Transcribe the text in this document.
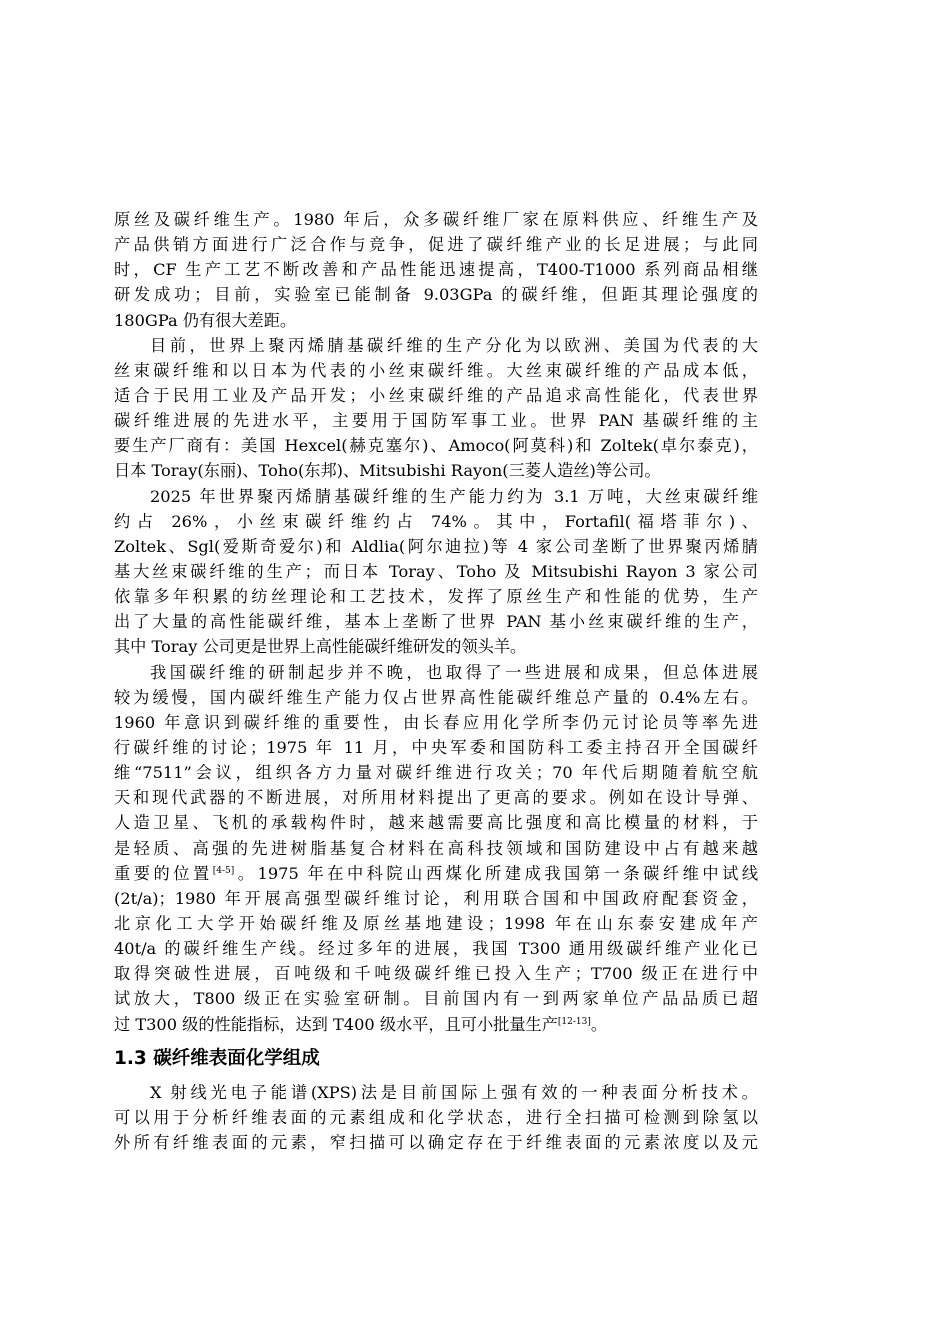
原丝及碳纤维生产。1980 年后，众多碳纤维厂家在原料供应、纤维生产及
产品供销方面进行广泛合作与竞争，促进了碳纤维产业的长足进展；与此同
时，CF 生产工艺不断改善和产品性能迅速提高，T400-T1000 系列商品相继
研发成功；目前，实验室已能制备 9.03GPa 的碳纤维，但距其理论强度的
180GPa 仍有很大差距。
目前，世界上聚丙烯腈基碳纤维的生产分化为以欧洲、美国为代表的大
丝束碳纤维和以日本为代表的小丝束碳纤维。大丝束碳纤维的产品成本低，
适合于民用工业及产品开发；小丝束碳纤维的产品追求高性能化，代表世界
碳纤维进展的先进水平，主要用于国防军事工业。世界 PAN 基碳纤维的主
要生产厂商有：美国 Hexcel(赫克塞尔)、Amoco(阿莫科)和 Zoltek(卓尔泰克)，
日本 Toray(东丽)、Toho(东邦)、Mitsubishi Rayon(三菱人造丝)等公司。
2025 年世界聚丙烯腈基碳纤维的生产能力约为 3.1 万吨，大丝束碳纤维
约占 26%，小丝束碳纤维约占 74%。其中，Fortafil(福塔菲尔)、
Zoltek、Sgl(爱斯奇爱尔)和 Aldlia(阿尔迪拉)等 4 家公司垄断了世界聚丙烯腈
基大丝束碳纤维的生产；而日本 Toray、Toho 及 Mitsubishi Rayon 3 家公司
依靠多年积累的纺丝理论和工艺技术，发挥了原丝生产和性能的优势，生产
出了大量的高性能碳纤维，基本上垄断了世界 PAN 基小丝束碳纤维的生产，
其中 Toray 公司更是世界上高性能碳纤维研发的领头羊。
我国碳纤维的研制起步并不晚，也取得了一些进展和成果，但总体进展
较为缓慢，国内碳纤维生产能力仅占世界高性能碳纤维总产量的 0.4%左右。
1960 年意识到碳纤维的重要性，由长春应用化学所李仍元讨论员等率先进
行碳纤维的讨论；1975 年 11 月，中央军委和国防科工委主持召开全国碳纤
维“7511”会议，组织各方力量对碳纤维进行攻关；70 年代后期随着航空航
天和现代武器的不断进展，对所用材料提出了更高的要求。例如在设计导弹、
人造卫星、飞机的承载构件时，越来越需要高比强度和高比模量的材料，于
是轻质、高强的先进树脂基复合材料在高科技领域和国防建设中占有越来越
重要的位置[4-5]。1975 年在中科院山西煤化所建成我国第一条碳纤维中试线
(2t/a)；1980 年开展高强型碳纤维讨论，利用联合国和中国政府配套资金，
北京化工大学开始碳纤维及原丝基地建设；1998 年在山东泰安建成年产
40t/a 的碳纤维生产线。经过多年的进展，我国 T300 通用级碳纤维产业化已
取得突破性进展，百吨级和千吨级碳纤维已投入生产；T700 级正在进行中
试放大，T800 级正在实验室研制。目前国内有一到两家单位产品品质已超
过 T300 级的性能指标，达到 T400 级水平，且可小批量生产[12-13]。
1.3 碳纤维表面化学组成
X 射线光电子能谱(XPS)法是目前国际上强有效的一种表面分析技术。
可以用于分析纤维表面的元素组成和化学状态，进行全扫描可检测到除氢以
外所有纤维表面的元素，窄扫描可以确定存在于纤维表面的元素浓度以及元
